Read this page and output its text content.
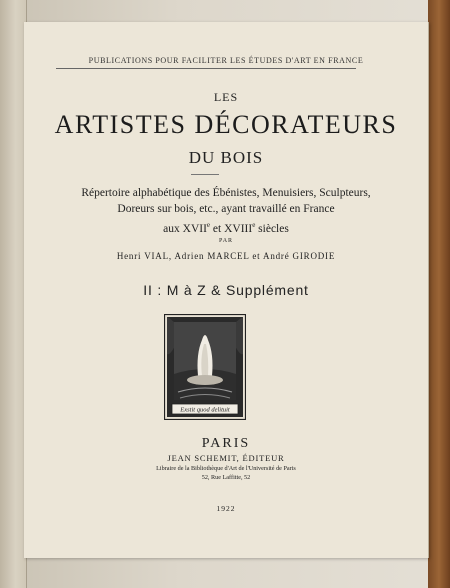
PUBLICATIONS POUR FACILITER LES ÉTUDES D'ART EN FRANCE
LES
ARTISTES DÉCORATEURS
DU BOIS
Répertoire alphabétique des Ébénistes, Menuisiers, Sculpteurs,
Doreurs sur bois, etc., ayant travaillé en France
aux XVIIe et XVIIIe siècles
PAR
Henri VIAL, Adrien MARCEL et André GIRODIE
II : M à Z & Supplément
Exstit quod delituit
PARIS
JEAN SCHEMIT, ÉDITEUR
Libraire de la Bibliothèque d'Art de l'Université de Paris
52, Rue Laffitte, 52
1922
